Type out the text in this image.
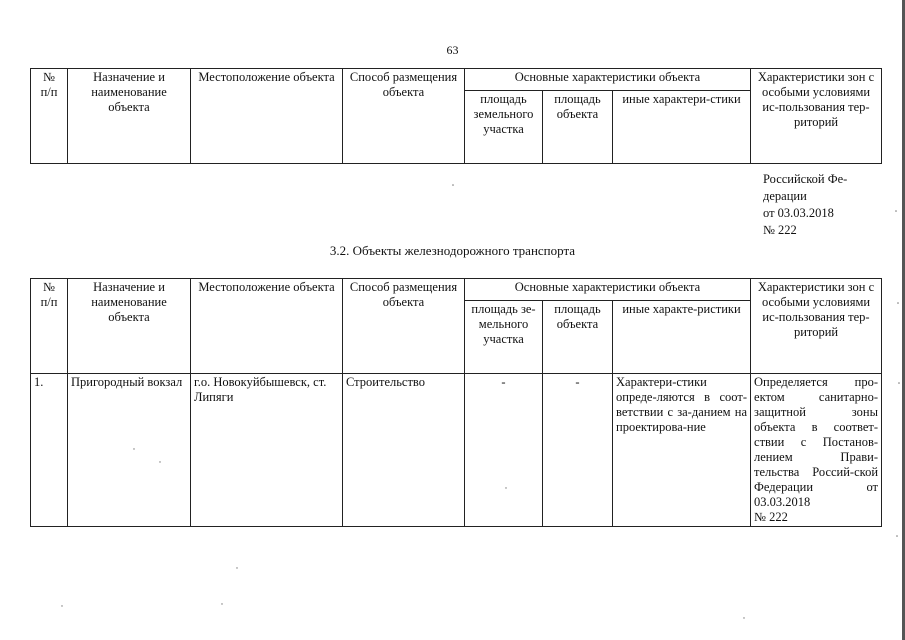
63
№
п/п	Назначение и наименование объекта	Местоположение объекта	Способ размещения объекта	Основные характеристики объекта			Характеристики зон с особыми условиями ис-пользования тер-риторий
				площадь земельного участка	площадь объекта	иные характери-стики	
Российской Фе-дерации
от 03.03.2018
№ 222
3.2. Объекты железнодорожного транспорта
№
п/п	Назначение и наименование объекта	Местоположение объекта	Способ размещения объекта	Основные характеристики объекта			Характеристики зон с особыми условиями ис-пользования тер-риторий
				площадь зе-мельного участка	площадь объекта	иные характе-ристики	
1.	Пригородный вокзал	г.о. Новокуйбышевск, ст. Липяги	Строительство	-	-	Характери-стики опреде-ляются в соот-ветствии с за-данием на проектирова-ние	Определяется про-ектом санитарно-защитной зоны объекта в соответ-ствии с Постанов-лением Прави-тельства Россий-ской Федерации от 03.03.2018
№ 222
